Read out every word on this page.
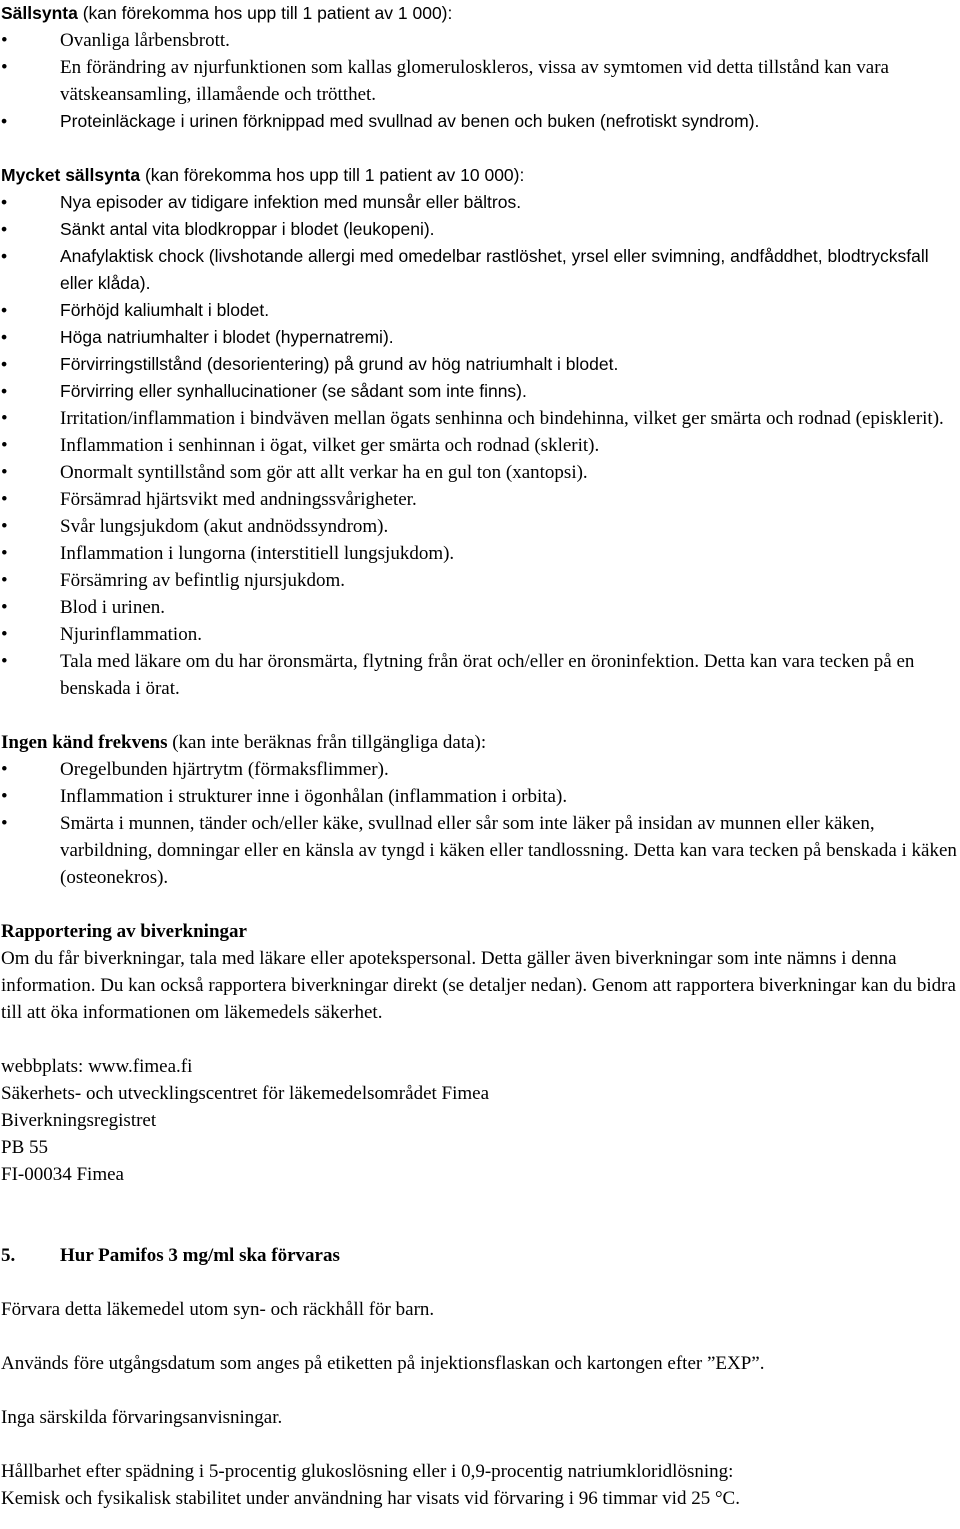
Sällsynta (kan förekomma hos upp till 1 patient av 1 000):
•	Ovanliga lårbensbrott.
•	En förändring av njurfunktionen som kallas glomeruloskleros, vissa av symtomen vid detta tillstånd kan vara vätskeansamling, illamående och trötthet.
•	Proteinläckage i urinen förknippad med svullnad av benen och buken (nefrotiskt syndrom).
Mycket sällsynta (kan förekomma hos upp till 1 patient av 10 000):
•	Nya episoder av tidigare infektion med munsår eller bältros.
•	Sänkt antal vita blodkroppar i blodet (leukopeni).
•	Anafylaktisk chock (livshotande allergi med omedelbar rastlöshet, yrsel eller svimning, andfåddhet, blodtrycksfall eller klåda).
•	Förhöjd kaliumhalt i blodet.
•	Höga natriumhalter i blodet (hypernatremi).
•	Förvirringstillstånd (desorientering) på grund av hög natriumhalt i blodet.
•	Förvirring eller synhallucinationer (se sådant som inte finns).
•	Irritation/inflammation i bindväven mellan ögats senhinna och bindehinna, vilket ger smärta och rodnad (episklerit).
•	Inflammation i senhinnan i ögat, vilket ger smärta och rodnad (sklerit).
•	Onormalt syntillstånd som gör att allt verkar ha en gul ton (xantopsi).
•	Försämrad hjärtsvikt med andningssvårigheter.
•	Svår lungsjukdom (akut andnödssyndrom).
•	Inflammation i lungorna (interstitiell lungsjukdom).
•	Försämring av befintlig njursjukdom.
•	Blod i urinen.
•	Njurinflammation.
•	Tala med läkare om du har öronsmärta, flytning från örat och/eller en öroninfektion. Detta kan vara tecken på en benskada i örat.
Ingen känd frekvens (kan inte beräknas från tillgängliga data):
•	Oregelbunden hjärtrytm (förmaksflimmer).
•	Inflammation i strukturer inne i ögonhålan (inflammation i orbita).
•	Smärta i munnen, tänder och/eller käke, svullnad eller sår som inte läker på insidan av munnen eller käken, varbildning, domningar eller en känsla av tyngd i käken eller tandlossning. Detta kan vara tecken på benskada i käken (osteonekros).
Rapportering av biverkningar
Om du får biverkningar, tala med läkare eller apotekspersonal. Detta gäller även biverkningar som inte nämns i denna information. Du kan också rapportera biverkningar direkt (se detaljer nedan). Genom att rapportera biverkningar kan du bidra till att öka informationen om läkemedels säkerhet.
webbplats: www.fimea.fi
Säkerhets- och utvecklingscentret för läkemedelsområdet Fimea
Biverkningsregistret
PB 55
FI-00034 Fimea
5. Hur Pamifos 3 mg/ml ska förvaras
Förvara detta läkemedel utom syn- och räckhåll för barn.
Används före utgångsdatum som anges på etiketten på injektionsflaskan och kartongen efter ”EXP”.
Inga särskilda förvaringsanvisningar.
Hållbarhet efter spädning i 5-procentig glukoslösning eller i 0,9-procentig natriumkloridlösning:
Kemisk och fysikalisk stabilitet under användning har visats vid förvaring i 96 timmar vid 25 °C.
